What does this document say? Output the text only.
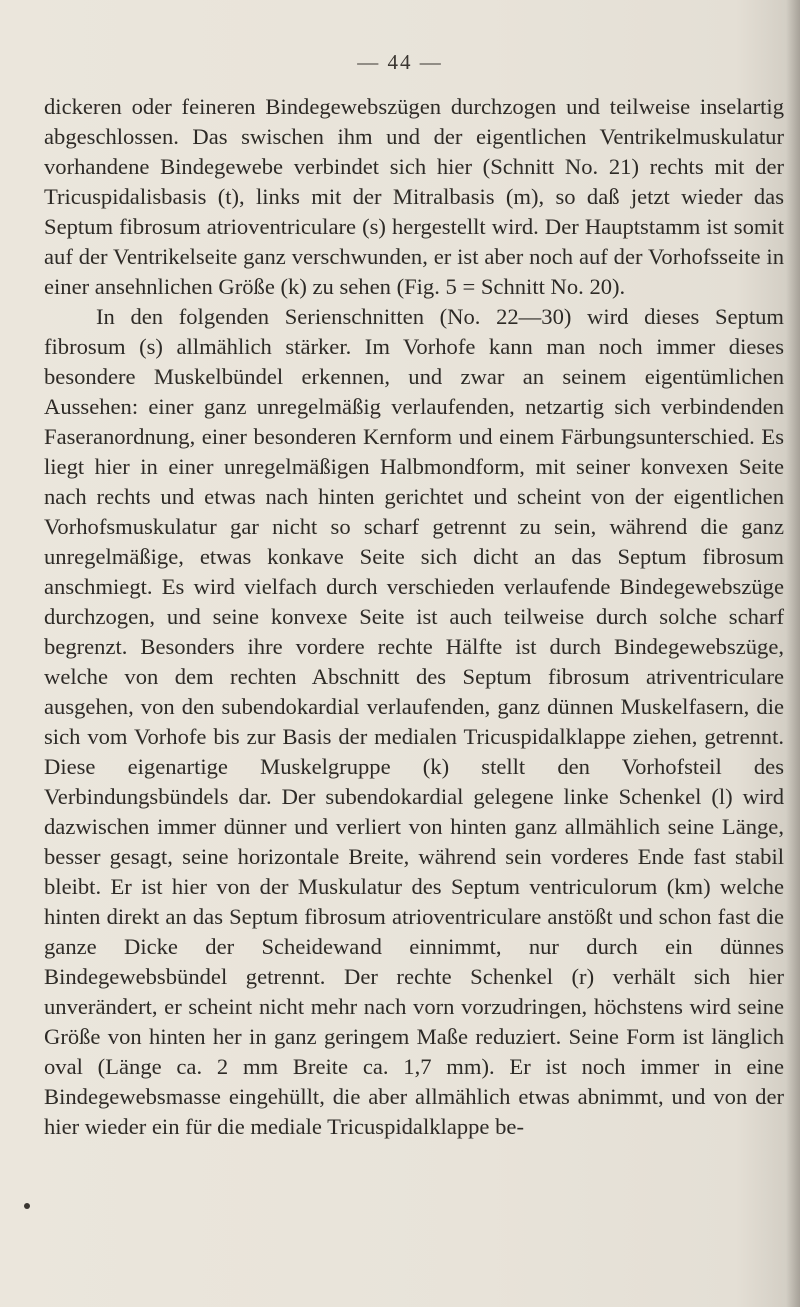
— 44 —

dickeren oder feineren Bindegewebszügen durchzogen und teilweise inselartig abgeschlossen. Das swischen ihm und der eigentlichen Ventrikelmuskulatur vorhandene Bindegewebe verbindet sich hier (Schnitt No. 21) rechts mit der Tricuspidalisbasis (t), links mit der Mitralbasis (m), so daß jetzt wieder das Septum fibrosum atrioventriculare (s) hergestellt wird. Der Hauptstamm ist somit auf der Ventrikelseite ganz verschwunden, er ist aber noch auf der Vorhofsseite in einer ansehnlichen Größe (k) zu sehen (Fig. 5 = Schnitt No. 20).

In den folgenden Serienschnitten (No. 22—30) wird dieses Septum fibrosum (s) allmählich stärker. Im Vorhofe kann man noch immer dieses besondere Muskelbündel erkennen, und zwar an seinem eigentümlichen Aussehen: einer ganz unregelmäßig verlaufenden, netzartig sich verbindenden Faseranordnung, einer besonderen Kernform und einem Färbungsunterschied. Es liegt hier in einer unregelmäßigen Halbmondform, mit seiner konvexen Seite nach rechts und etwas nach hinten gerichtet und scheint von der eigentlichen Vorhofsmuskulatur gar nicht so scharf getrennt zu sein, während die ganz unregelmäßige, etwas konkave Seite sich dicht an das Septum fibrosum anschmiegt. Es wird vielfach durch verschieden verlaufende Bindegewebszüge durchzogen, und seine konvexe Seite ist auch teilweise durch solche scharf begrenzt. Besonders ihre vordere rechte Hälfte ist durch Bindegewebszüge, welche von dem rechten Abschnitt des Septum fibrosum atriventriculare ausgehen, von den subendokardial verlaufenden, ganz dünnen Muskelfasern, die sich vom Vorhofe bis zur Basis der medialen Tricuspidalklappe ziehen, getrennt. Diese eigenartige Muskelgruppe (k) stellt den Vorhofsteil des Verbindungsbündels dar. Der subendokardial gelegene linke Schenkel (l) wird dazwischen immer dünner und verliert von hinten ganz allmählich seine Länge, besser gesagt, seine horizontale Breite, während sein vorderes Ende fast stabil bleibt. Er ist hier von der Muskulatur des Septum ventriculorum (km) welche hinten direkt an das Septum fibrosum atrioventriculare anstößt und schon fast die ganze Dicke der Scheidewand einnimmt, nur durch ein dünnes Bindegewebsbündel getrennt. Der rechte Schenkel (r) verhält sich hier unverändert, er scheint nicht mehr nach vorn vorzudringen, höchstens wird seine Größe von hinten her in ganz geringem Maße reduziert. Seine Form ist länglich oval (Länge ca. 2 mm Breite ca. 1,7 mm). Er ist noch immer in eine Bindegewebsmasse eingehüllt, die aber allmählich etwas abnimmt, und von der hier wieder ein für die mediale Tricuspidalklappe be-
